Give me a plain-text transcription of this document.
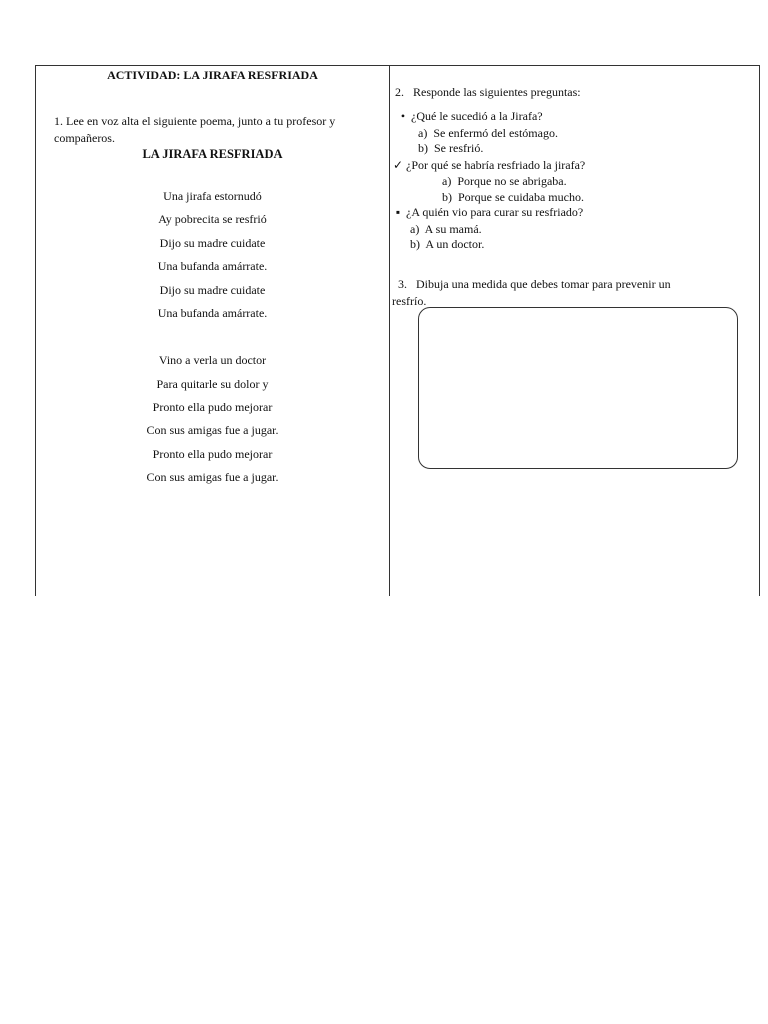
ACTIVIDAD: LA JIRAFA RESFRIADA
1. Lee en voz alta el siguiente poema, junto a tu profesor y
compañeros.
LA JIRAFA RESFRIADA
Una jirafa estornudó
Ay pobrecita se resfrió
Dijo su madre cuidate
Una bufanda amárrate.
Dijo su madre cuidate
Una bufanda amárrate.
Vino a verla un doctor
Para quitarle su dolor y
Pronto ella pudo mejorar
Con sus amigas fue a jugar.
Pronto ella pudo mejorar
Con sus amigas fue a jugar.
2. Responde las siguientes preguntas:
• ¿Qué le sucedió a la Jirafa?
a) Se enfermó del estómago.
b) Se resfrió.
✓ ¿Por qué se habría resfriado la jirafa?
a) Porque no se abrigaba.
b) Porque se cuidaba mucho.
▪ ¿A quién vio para curar su resfriado?
a) A su mamá.
b) A un doctor.
3. Dibuja una medida que debes tomar para prevenir un
resfrío.
